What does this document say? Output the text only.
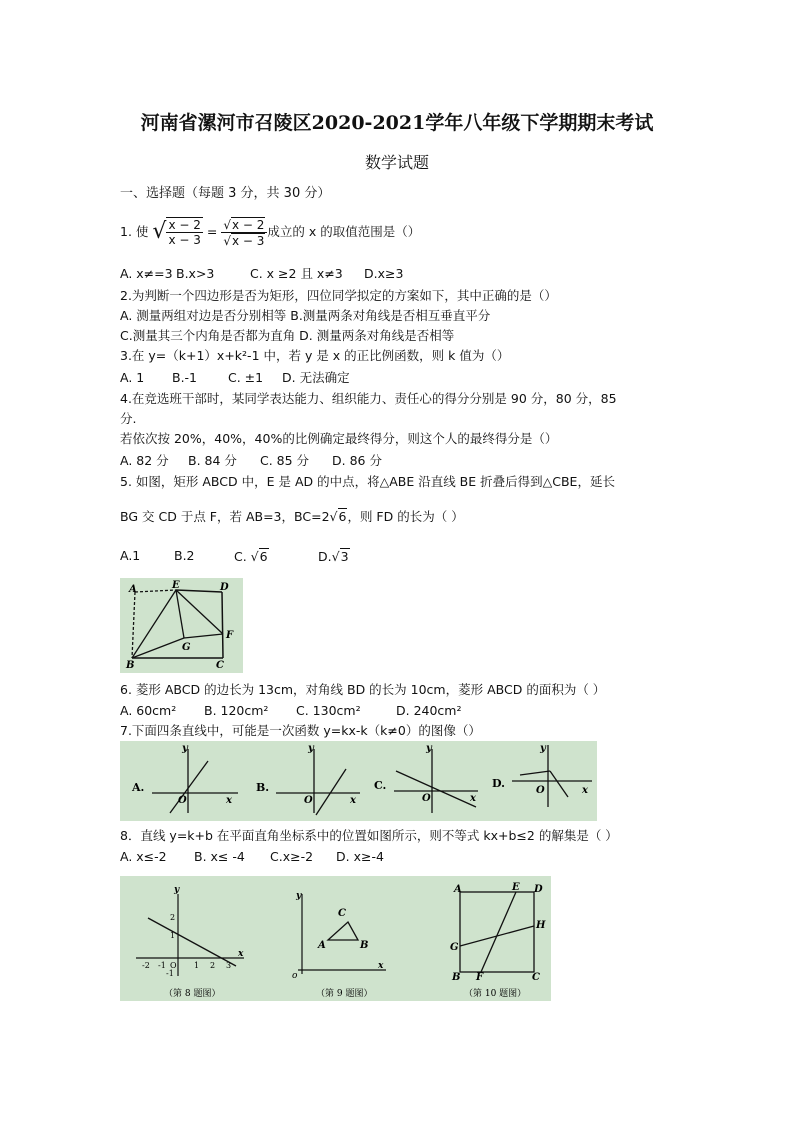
河南省漯河市召陵区2020-2021学年八年级下学期期末考试
数学试题
一、选择题（每题 3 分，共 30 分）
1. 使 √ $\frac{x - 2}{x - 3} = \frac{√x - 2}{√x - 3}$ 成立的 x 的取值范围是（）
A. x≠=3 B.x>3	C. x ≥2 且 x≠3 D.x≥3
2.为判断一个四边形是否为矩形，四位同学拟定的方案如下，其中正确的是（）
A. 测量两组对边是否分别相等 B.测量两条对角线是否相互垂直平分
C.测量其三个内角是否都为直角 D. 测量两条对角线是否相等
3.在 y=（k+1）x+k²-1 中，若 y 是 x 的正比例函数，则 k 值为（）
A. 1 B.-1 C. ±1 D. 无法确定
4.在竞选班干部时，某同学表达能力、组织能力、责任心的得分分别是 90 分，80 分，85
分.
若依次按 20%，40%，40%的比例确定最终得分，则这个人的最终得分是（）
A. 82 分 B. 84 分 C. 85 分 D. 86 分
5. 如图，矩形 ABCD 中，E 是 AD 的中点，将△ABE 沿直线 BE 折叠后得到△CBE，延长
BG 交 CD 于点 F，若 AB=3，BC=2√6，则 FD 的长为（ ）
A.1	B.2	C. √6	D.√3
A	E	D
F
G
B	C
6. 菱形 ABCD 的边长为 13cm，对角线 BD 的长为 10cm，菱形 ABCD 的面积为（ ）
A. 60cm² B. 120cm² C. 130cm²	D. 240cm²
7.下面四条直线中，可能是一次函数 y=kx-k（k≠0）的图像（）
A.
y
x
O
B.
y
x
O
C.
y
x
O
D.
y
x
O
8．直线 y=k+b 在平面直角坐标系中的位置如图所示，则不等式 kx+b≤2 的解集是（ ）
A. x≤-2 B. x≤ -4 C.x≥-2 D. x≥-4
y
x
-2 -1 O 1 2 3
2
1
-1
（第 8 题图）
C
A	B
o
x
y
（第 9 题图）
A	E D
H
G
B F	C
（第 10 题图）
